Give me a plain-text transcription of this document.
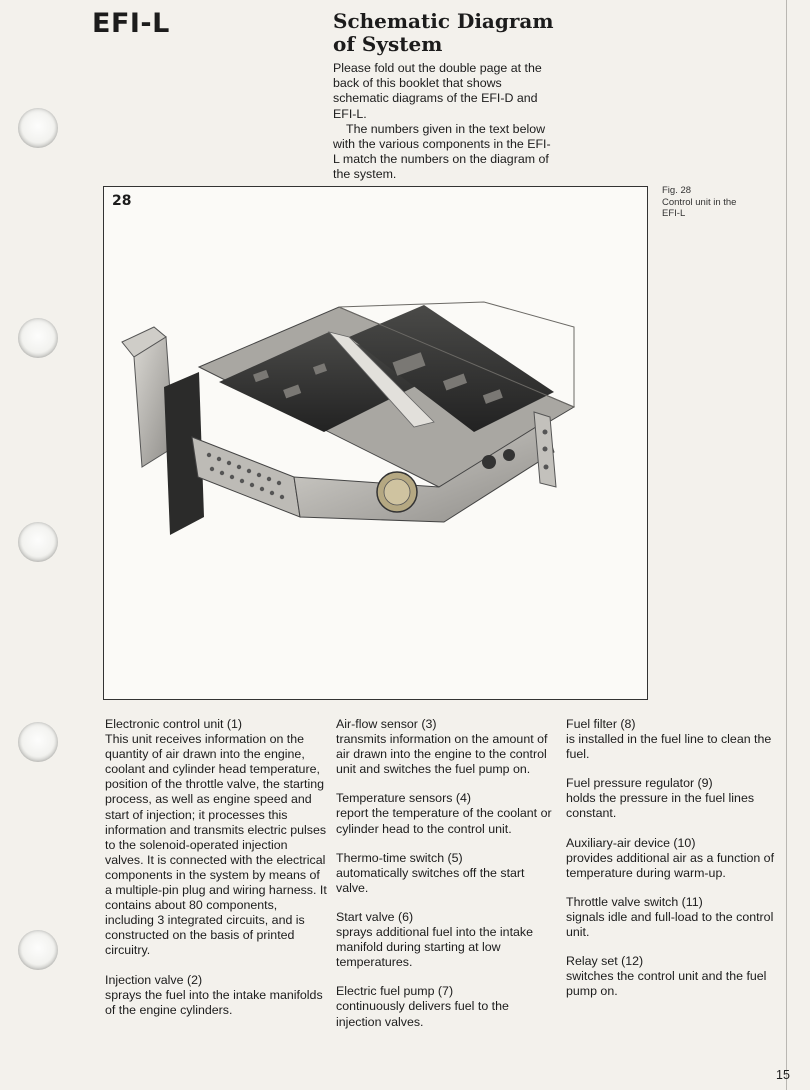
EFI-L	Schematic Diagram
of System

Please fold out the double page at the back of this booklet that shows schematic diagrams of the EFI-D and EFI-L.

The numbers given in the text below with the various components in the EFI-L match the numbers on the diagram of the system.

28
Fig. 28
Control unit in the
EFI-L
Electronic control unit (1)
This unit receives information on the quantity of air drawn into the engine, coolant and cylinder head temperature, position of the throttle valve, the starting process, as well as engine speed and start of injection; it processes this information and transmits electric pulses to the solenoid-operated injection valves. It is connected with the electrical components in the system by means of a multiple-pin plug and wiring harness. It contains about 80 components, including 3 integrated circuits, and is constructed on the basis of printed circuitry.
Injection valve (2)
sprays the fuel into the intake manifolds of the engine cylinders.
Air-flow sensor (3)
transmits information on the amount of air drawn into the engine to the control unit and switches the fuel pump on.
Temperature sensors (4)
report the temperature of the coolant or cylinder head to the control unit.
Thermo-time switch (5)
automatically switches off the start valve.
Start valve (6)
sprays additional fuel into the intake manifold during starting at low temperatures.
Electric fuel pump (7)
continuously delivers fuel to the injection valves.
Fuel filter (8)
is installed in the fuel line to clean the fuel.
Fuel pressure regulator (9)
holds the pressure in the fuel lines constant.
Auxiliary-air device (10)
provides additional air as a function of temperature during warm-up.
Throttle valve switch (11)
signals idle and full-load to the control unit.
Relay set (12)
switches the control unit and the fuel pump on.
15
